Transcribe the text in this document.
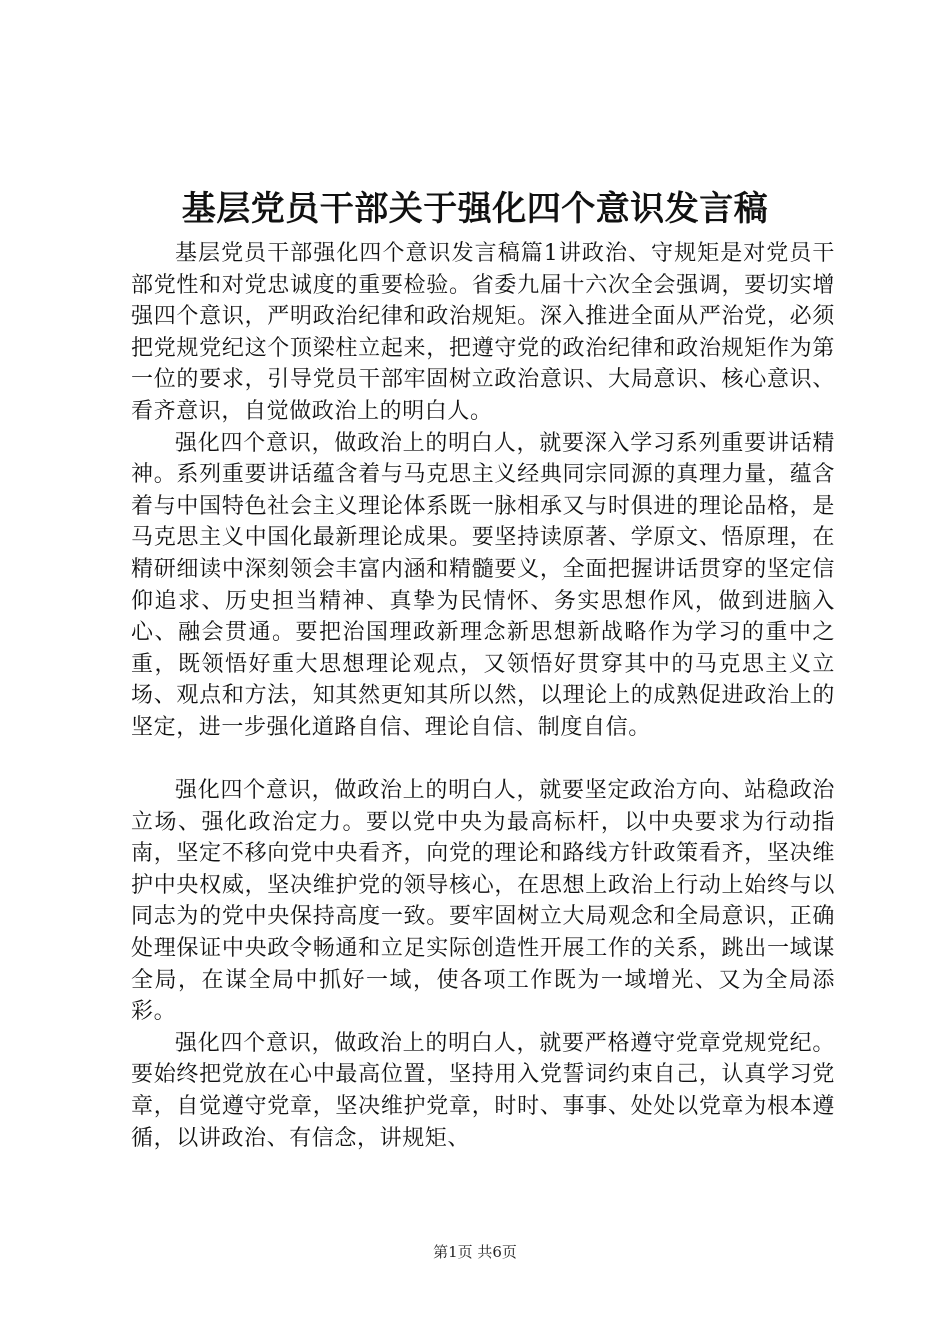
基层党员干部关于强化四个意识发言稿

基层党员干部强化四个意识发言稿篇1讲政治、守规矩是对党员干部党性和对党忠诚度的重要检验。省委九届十六次全会强调，要切实增强四个意识，严明政治纪律和政治规矩。深入推进全面从严治党，必须把党规党纪这个顶梁柱立起来，把遵守党的政治纪律和政治规矩作为第一位的要求，引导党员干部牢固树立政治意识、大局意识、核心意识、看齐意识，自觉做政治上的明白人。

强化四个意识，做政治上的明白人，就要深入学习系列重要讲话精神。系列重要讲话蕴含着与马克思主义经典同宗同源的真理力量，蕴含着与中国特色社会主义理论体系既一脉相承又与时俱进的理论品格，是马克思主义中国化最新理论成果。要坚持读原著、学原文、悟原理，在精研细读中深刻领会丰富内涵和精髓要义，全面把握讲话贯穿的坚定信仰追求、历史担当精神、真挚为民情怀、务实思想作风，做到进脑入心、融会贯通。要把治国理政新理念新思想新战略作为学习的重中之重，既领悟好重大思想理论观点，又领悟好贯穿其中的马克思主义立场、观点和方法，知其然更知其所以然，以理论上的成熟促进政治上的坚定，进一步强化道路自信、理论自信、制度自信。

强化四个意识，做政治上的明白人，就要坚定政治方向、站稳政治立场、强化政治定力。要以党中央为最高标杆，以中央要求为行动指南，坚定不移向党中央看齐，向党的理论和路线方针政策看齐，坚决维护中央权威，坚决维护党的领导核心，在思想上政治上行动上始终与以同志为的党中央保持高度一致。要牢固树立大局观念和全局意识，正确处理保证中央政令畅通和立足实际创造性开展工作的关系，跳出一域谋全局，在谋全局中抓好一域，使各项工作既为一域增光、又为全局添彩。

强化四个意识，做政治上的明白人，就要严格遵守党章党规党纪。要始终把党放在心中最高位置，坚持用入党誓词约束自己，认真学习党章，自觉遵守党章，坚决维护党章，时时、事事、处处以党章为根本遵循，以讲政治、有信念，讲规矩、

第1页 共6页
